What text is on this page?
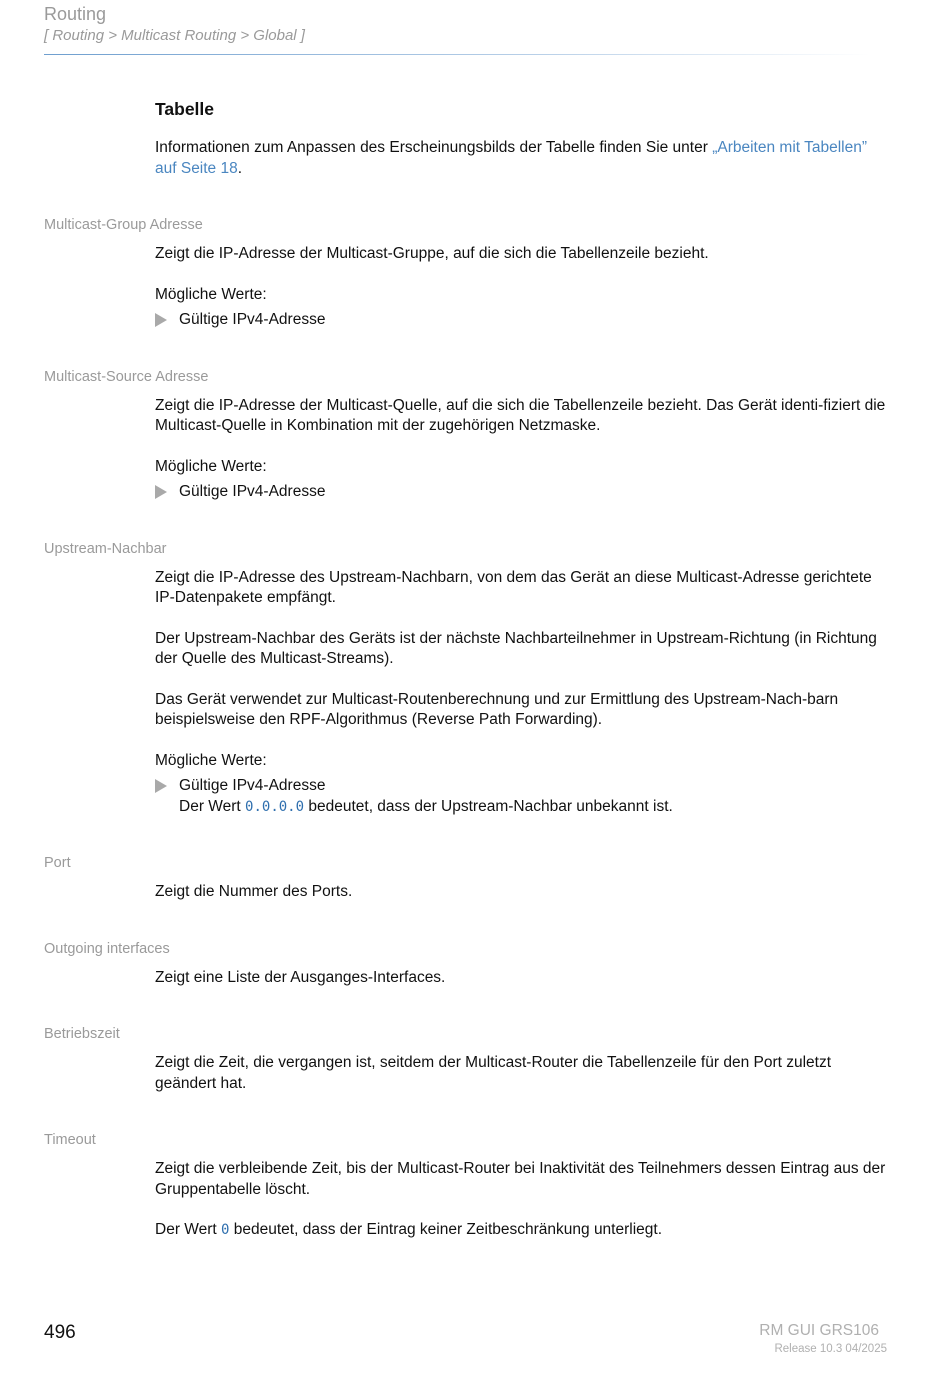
Routing
[ Routing > Multicast Routing > Global ]
Tabelle
Informationen zum Anpassen des Erscheinungsbilds der Tabelle finden Sie unter „Arbeiten mit Tabellen” auf Seite 18.
Multicast-Group Adresse

Zeigt die IP-Adresse der Multicast-Gruppe, auf die sich die Tabellenzeile bezieht.

Mögliche Werte:

Gültige IPv4-Adresse
Multicast-Source Adresse

Zeigt die IP-Adresse der Multicast-Quelle, auf die sich die Tabellenzeile bezieht. Das Gerät identi-fiziert die Multicast-Quelle in Kombination mit der zugehörigen Netzmaske.

Mögliche Werte:

Gültige IPv4-Adresse
Upstream-Nachbar

Zeigt die IP-Adresse des Upstream-Nachbarn, von dem das Gerät an diese Multicast-Adresse gerichtete IP-Datenpakete empfängt.

Der Upstream-Nachbar des Geräts ist der nächste Nachbarteilnehmer in Upstream-Richtung (in Richtung der Quelle des Multicast-Streams).

Das Gerät verwendet zur Multicast-Routenberechnung und zur Ermittlung des Upstream-Nach-barn beispielsweise den RPF-Algorithmus (Reverse Path Forwarding).

Mögliche Werte:

Gültige IPv4-Adresse
Der Wert 0.0.0.0 bedeutet, dass der Upstream-Nachbar unbekannt ist.
Port

Zeigt die Nummer des Ports.

Outgoing interfaces

Zeigt eine Liste der Ausganges-Interfaces.

Betriebszeit

Zeigt die Zeit, die vergangen ist, seitdem der Multicast-Router die Tabellenzeile für den Port zuletzt geändert hat.

Timeout

Zeigt die verbleibende Zeit, bis der Multicast-Router bei Inaktivität des Teilnehmers dessen Eintrag aus der Gruppentabelle löscht.

Der Wert 0 bedeutet, dass der Eintrag keiner Zeitbeschränkung unterliegt.

496	RM GUI GRS106
Release 10.3 04/2025
